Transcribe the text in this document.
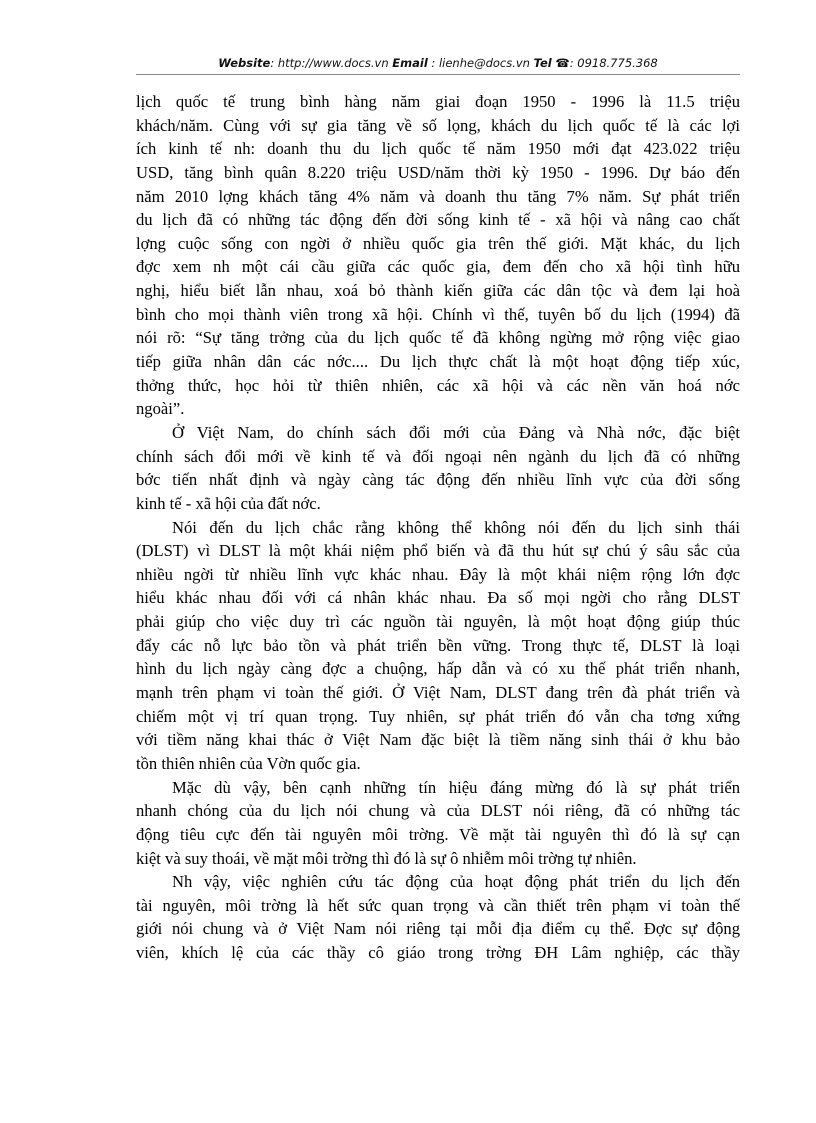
Website: http://www.docs.vn Email : lienhe@docs.vn Tel ☎: 0918.775.368
lịch quốc tế trung bình hàng năm giai đoạn 1950 - 1996 là 11.5 triệu
khách/năm. Cùng với sự gia tăng về số lọng, khách du lịch quốc tế là các lợi
ích kinh tế nh: doanh thu du lịch quốc tế năm 1950 mới đạt 423.022 triệu
USD, tăng bình quân 8.220 triệu USD/năm thời kỳ 1950 - 1996. Dự báo đến
năm 2010 lợng khách tăng 4% năm và doanh thu tăng 7% năm. Sự phát triển
du lịch đã có những tác động đến đời sống kinh tế - xã hội và nâng cao chất
lợng cuộc sống con ngời ở nhiều quốc gia trên thế giới. Mặt khác, du lịch
đợc xem nh một cái cầu giữa các quốc gia, đem đến cho xã hội tình hữu
nghị, hiểu biết lẫn nhau, xoá bỏ thành kiến giữa các dân tộc và đem lại hoà
bình cho mọi thành viên trong xã hội. Chính vì thế, tuyên bố du lịch (1994) đã
nói rõ: “Sự tăng trởng của du lịch quốc tế đã không ngừng mở rộng việc giao
tiếp giữa nhân dân các nớc.... Du lịch thực chất là một hoạt động tiếp xúc,
thởng thức, học hỏi từ thiên nhiên, các xã hội và các nền văn hoá nớc
ngoài”.
Ở Việt Nam, do chính sách đổi mới của Đảng và Nhà nớc, đặc biệt
chính sách đổi mới về kinh tế và đối ngoại nên ngành du lịch đã có những
bớc tiến nhất định và ngày càng tác động đến nhiều lĩnh vực của đời sống
kinh tế - xã hội của đất nớc.
Nói đến du lịch chắc rằng không thể không nói đến du lịch sinh thái
(DLST) vì DLST là một khái niệm phổ biến và đã thu hút sự chú ý sâu sắc của
nhiều ngời từ nhiều lĩnh vực khác nhau. Đây là một khái niệm rộng lớn đợc
hiểu khác nhau đối với cá nhân khác nhau. Đa số mọi ngời cho rằng DLST
phải giúp cho việc duy trì các nguồn tài nguyên, là một hoạt động giúp thúc
đẩy các nỗ lực bảo tồn và phát triển bền vững. Trong thực tế, DLST là loại
hình du lịch ngày càng đợc a chuộng, hấp dẫn và có xu thế phát triển nhanh,
mạnh trên phạm vi toàn thế giới. Ở Việt Nam, DLST đang trên đà phát triển và
chiếm một vị trí quan trọng. Tuy nhiên, sự phát triển đó vẫn cha tơng xứng
với tiềm năng khai thác ở Việt Nam đặc biệt là tiềm năng sinh thái ở khu bảo
tồn thiên nhiên của Vờn quốc gia.
Mặc dù vậy, bên cạnh những tín hiệu đáng mừng đó là sự phát triển
nhanh chóng của du lịch nói chung và của DLST nói riêng, đã có những tác
động tiêu cực đến tài nguyên môi trờng. Về mặt tài nguyên thì đó là sự cạn
kiệt và suy thoái, về mặt môi trờng thì đó là sự ô nhiễm môi trờng tự nhiên.
Nh vậy, việc nghiên cứu tác động của hoạt động phát triển du lịch đến
tài nguyên, môi trờng là hết sức quan trọng và cần thiết trên phạm vi toàn thế
giới nói chung và ở Việt Nam nói riêng tại mỗi địa điểm cụ thể. Đợc sự động
viên, khích lệ của các thầy cô giáo trong trờng ĐH Lâm nghiệp, các thầy
